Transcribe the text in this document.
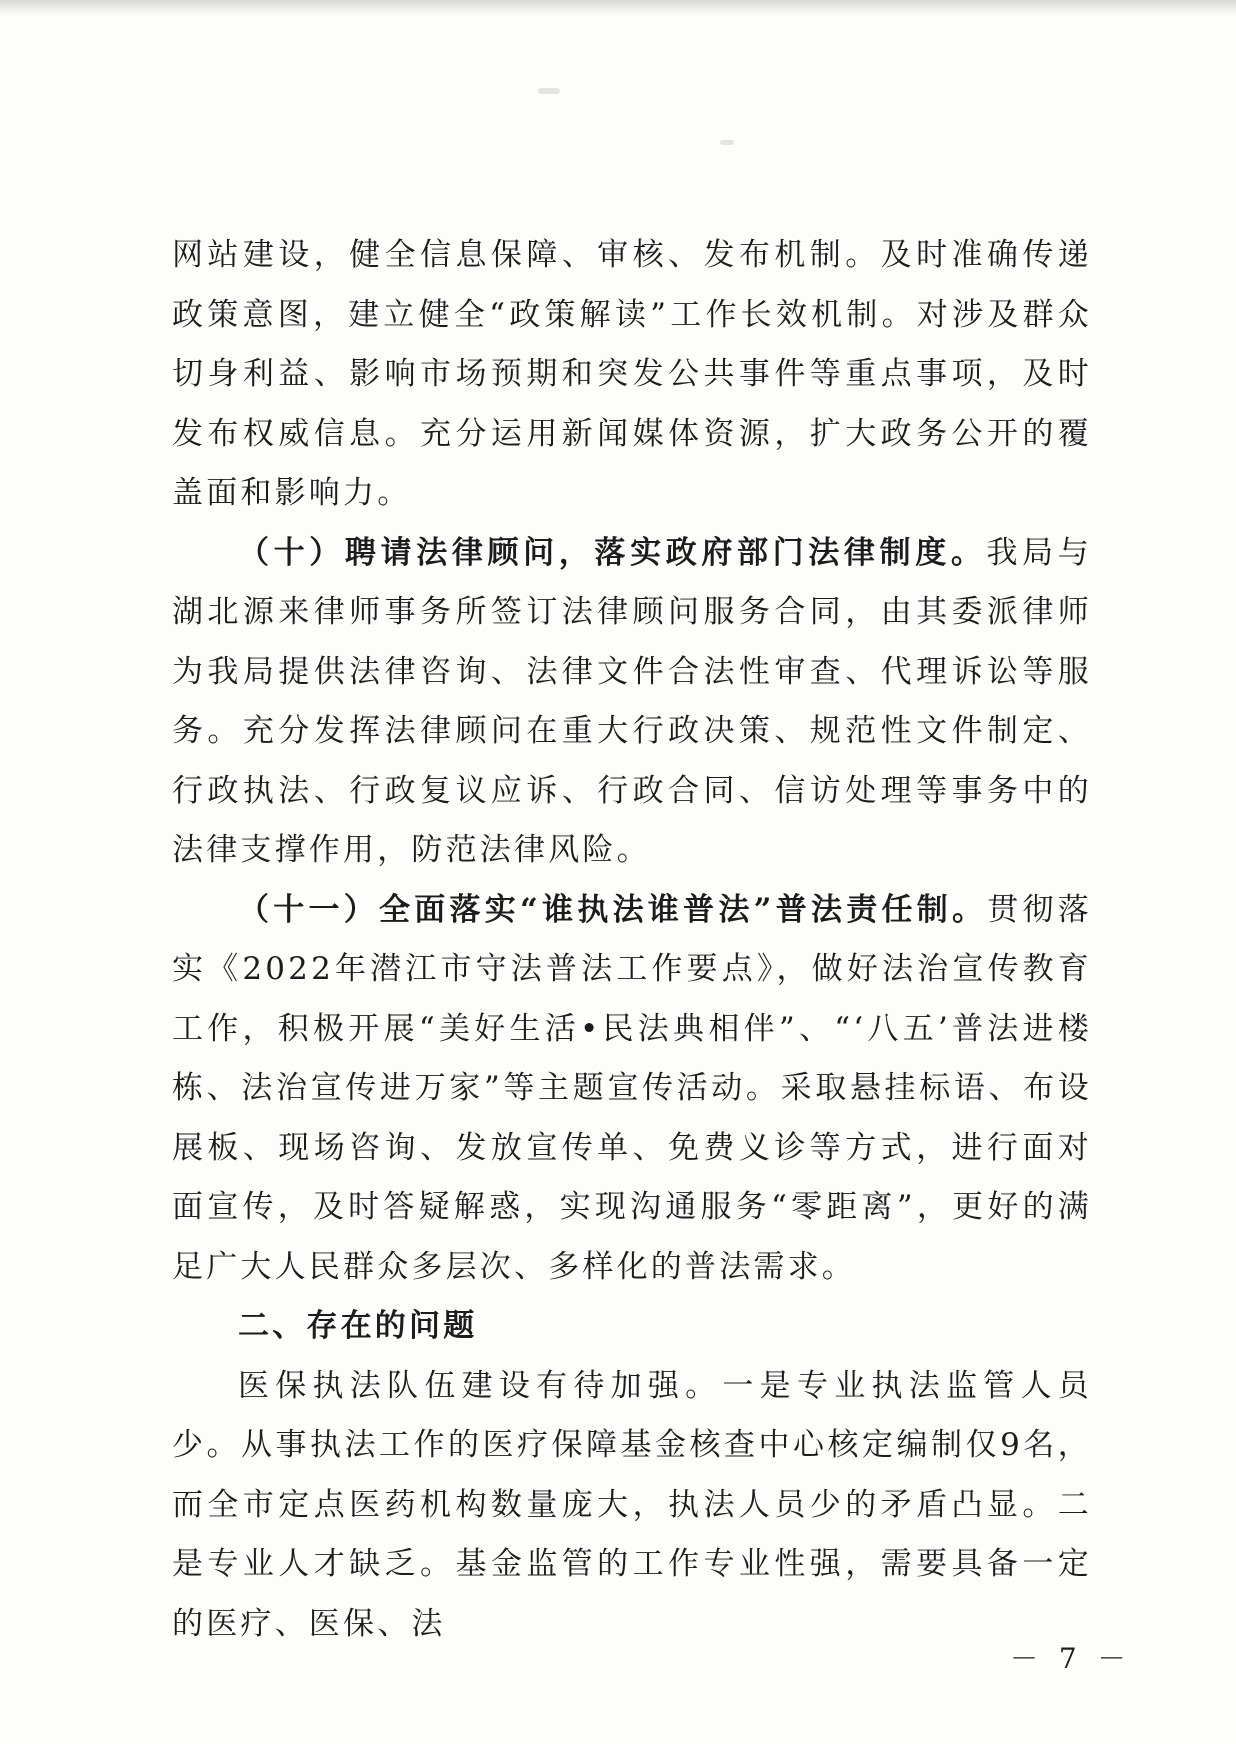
网站建设，健全信息保障、审核、发布机制。及时准确传递政策意图，建立健全“政策解读”工作长效机制。对涉及群众切身利益、影响市场预期和突发公共事件等重点事项，及时发布权威信息。充分运用新闻媒体资源，扩大政务公开的覆盖面和影响力。

（十）聘请法律顾问，落实政府部门法律制度。我局与湖北源来律师事务所签订法律顾问服务合同，由其委派律师为我局提供法律咨询、法律文件合法性审查、代理诉讼等服务。充分发挥法律顾问在重大行政决策、规范性文件制定、行政执法、行政复议应诉、行政合同、信访处理等事务中的法律支撑作用，防范法律风险。

（十一）全面落实“谁执法谁普法”普法责任制。贯彻落实《2022年潜江市守法普法工作要点》，做好法治宣传教育工作，积极开展“美好生活•民法典相伴”、“‘八五’普法进楼栋、法治宣传进万家”等主题宣传活动。采取悬挂标语、布设展板、现场咨询、发放宣传单、免费义诊等方式，进行面对面宣传，及时答疑解惑，实现沟通服务“零距离”，更好的满足广大人民群众多层次、多样化的普法需求。

二、存在的问题

医保执法队伍建设有待加强。一是专业执法监管人员少。从事执法工作的医疗保障基金核查中心核定编制仅9名，而全市定点医药机构数量庞大，执法人员少的矛盾凸显。二是专业人才缺乏。基金监管的工作专业性强，需要具备一定的医疗、医保、法

－ 7 －
